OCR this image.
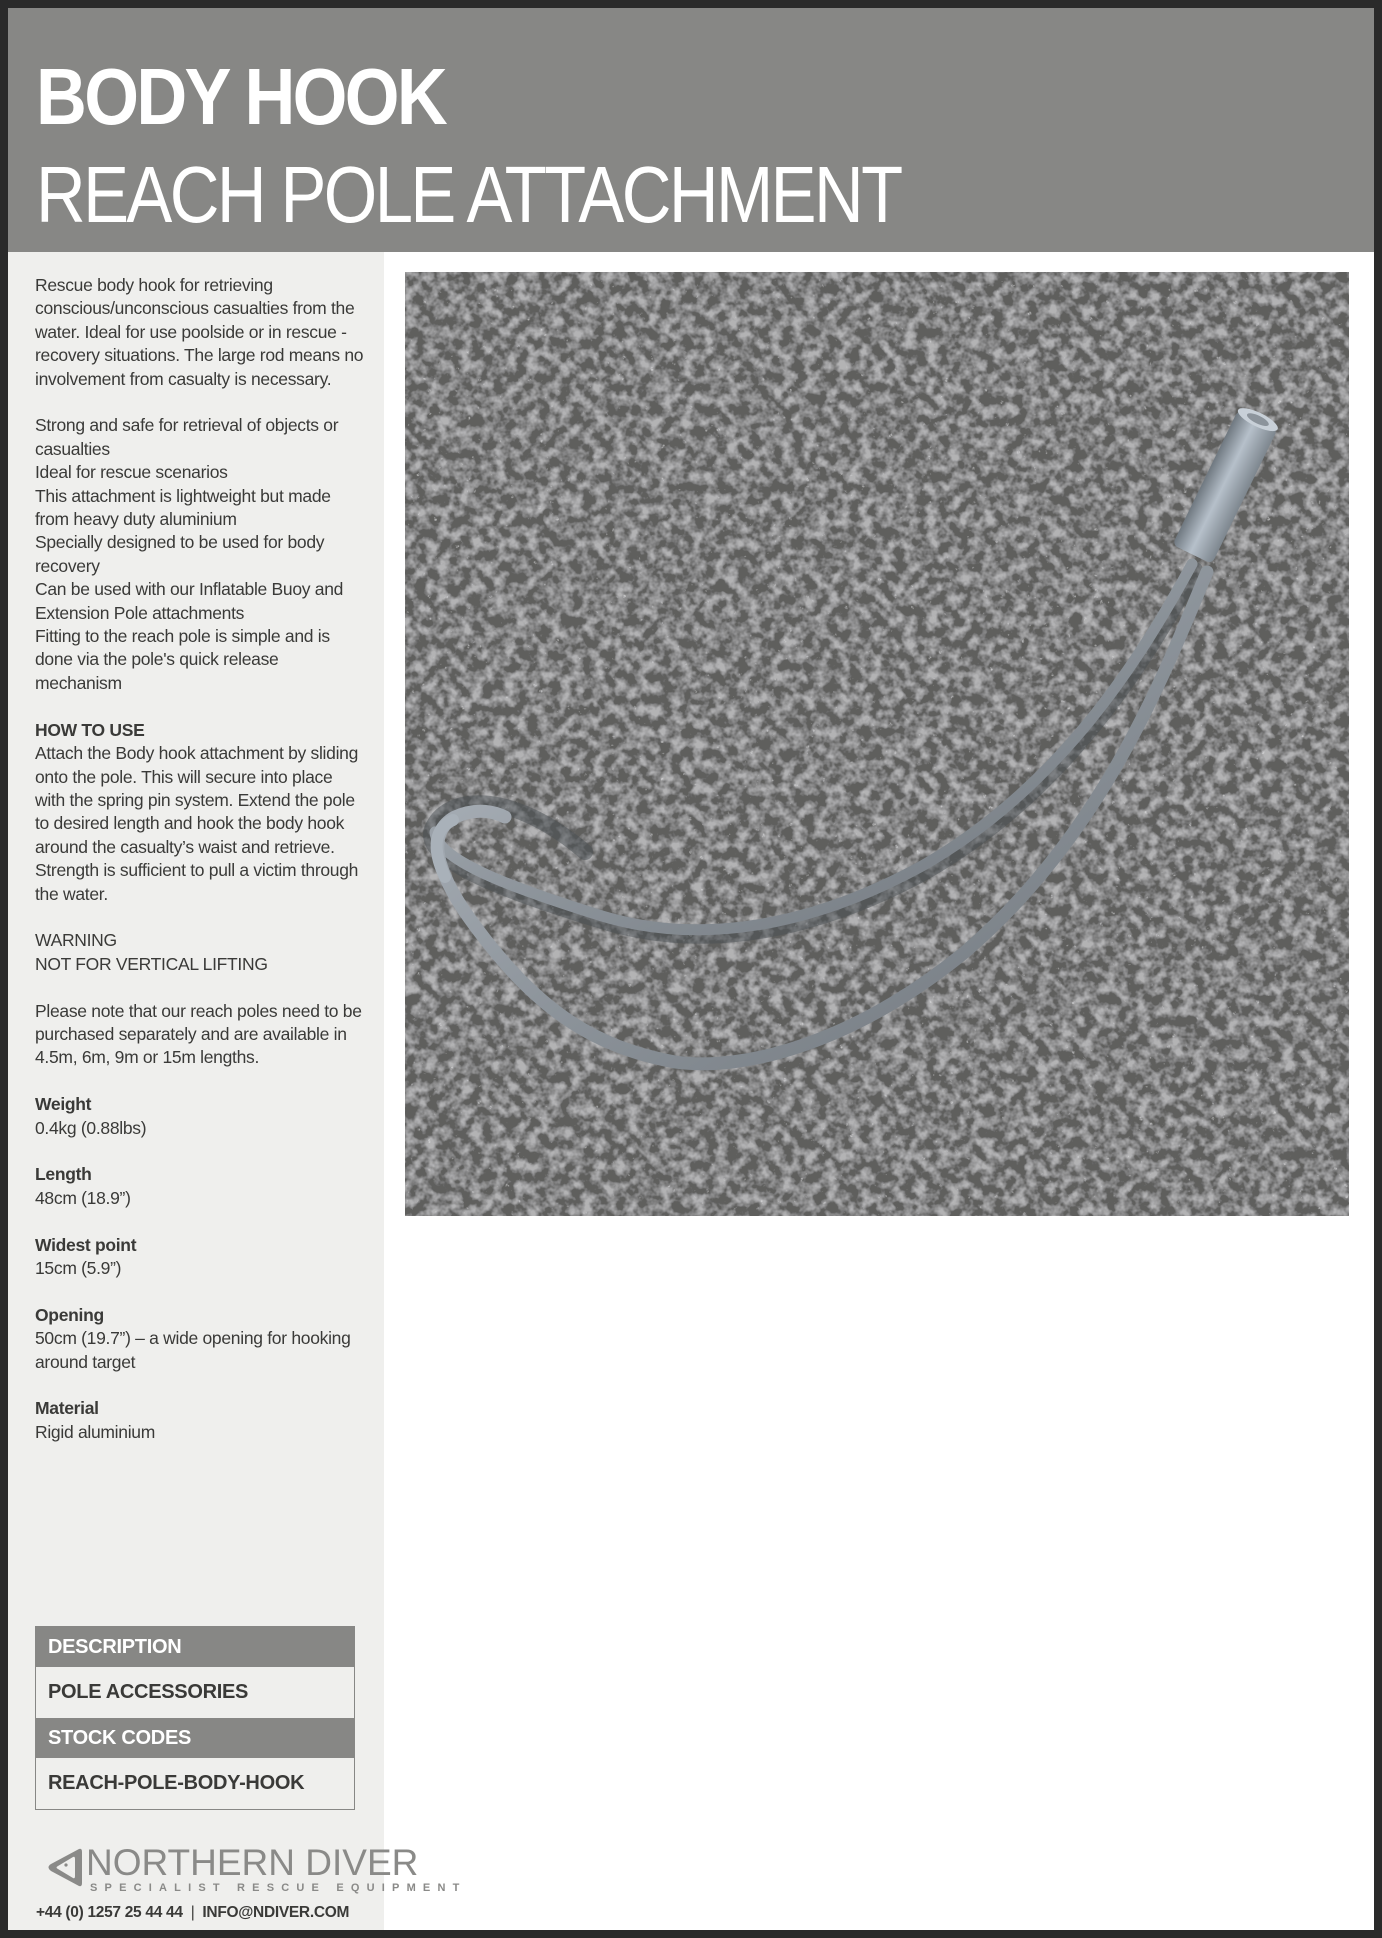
BODY HOOK
REACH POLE ATTACHMENT

Rescue body hook for retrieving conscious/unconscious casualties from the water. Ideal for use poolside or in rescue - recovery situations. The large rod means no involvement from casualty is necessary.

Strong and safe for retrieval of objects or casualties

Ideal for rescue scenarios

This attachment is lightweight but made from heavy duty aluminium

Specially designed to be used for body recovery

Can be used with our Inflatable Buoy and Extension Pole attachments

Fitting to the reach pole is simple and is done via the pole's quick release mechanism

HOW TO USE

Attach the Body hook attachment by sliding onto the pole. This will secure into place with the spring pin system. Extend the pole to desired length and hook the body hook around the casualty’s waist and retrieve. Strength is sufficient to pull a victim through the water.

WARNING

NOT FOR VERTICAL LIFTING

Please note that our reach poles need to be purchased separately and are available in 4.5m, 6m, 9m or 15m lengths.

Weight

0.4kg (0.88lbs)

Length

48cm (18.9”)

Widest point

15cm (5.9”)

Opening

50cm (19.7”) – a wide opening for hooking around target

Material

Rigid aluminium

DESCRIPTION
POLE ACCESSORIES
STOCK CODES
REACH-POLE-BODY-HOOK
NORTHERN DIVER
SPECIALIST RESCUE EQUIPMENT
+44 (0) 1257 25 44 44 | INFO@NDIVER.COM
